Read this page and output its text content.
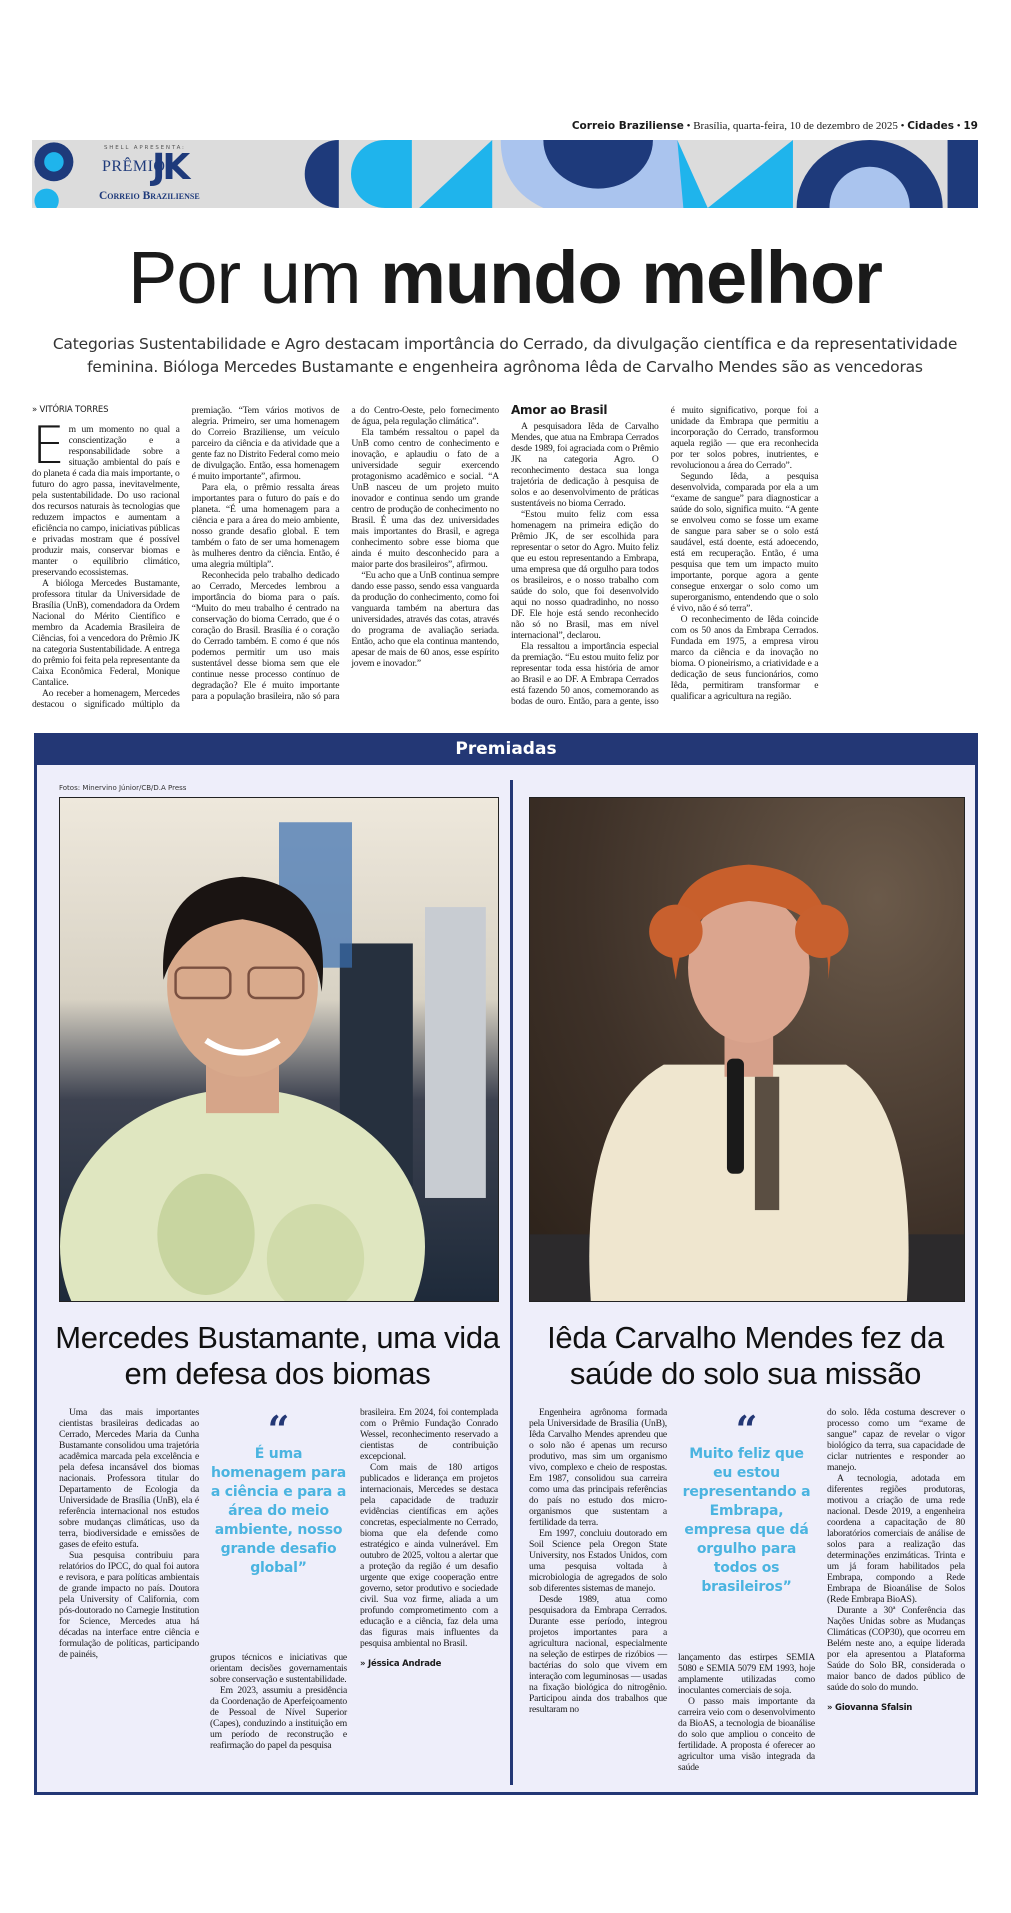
Correio Braziliense • Brasília, quarta-feira, 10 de dezembro de 2025 • Cidades • 19
SHELL APRESENTA:
PRÊMIO
JK
Correio Braziliense
Por um mundo melhor
Categorias Sustentabilidade e Agro destacam importância do Cerrado, da divulgação científica e da representatividade feminina. Bióloga Mercedes Bustamante e engenheira agrônoma Iêda de Carvalho Mendes são as vencedoras

» VITÓRIA TORRES

Em um momento no qual a conscientização e a responsabilidade sobre a situação ambiental do país e do planeta é cada dia mais importante, o futuro do agro passa, inevitavelmente, pela sustentabilidade. Do uso racional dos recursos naturais às tecnologias que reduzem impactos e aumentam a eficiência no campo, iniciativas públicas e privadas mostram que é possível produzir mais, conservar biomas e manter o equilíbrio climático, preservando ecossistemas.

A bióloga Mercedes Bustamante, professora titular da Universidade de Brasília (UnB), comendadora da Ordem Nacional do Mérito Científico e membro da Academia Brasileira de Ciências, foi a vencedora do Prêmio JK na categoria Sustentabilidade. A entrega do prêmio foi feita pela representante da Caixa Econômica Federal, Monique Cantalice.

Ao receber a homenagem, Mercedes destacou o significado múltiplo da premiação. “Tem vários motivos de alegria. Primeiro, ser uma homenagem do Correio Braziliense, um veículo parceiro da ciência e da atividade que a gente faz no Distrito Federal como meio de divulgação. Então, essa homenagem é muito importante”, afirmou.

Para ela, o prêmio ressalta áreas importantes para o futuro do país e do planeta. “É uma homenagem para a ciência e para a área do meio ambiente, nosso grande desafio global. E tem também o fato de ser uma homenagem às mulheres dentro da ciência. Então, é uma alegria múltipla”.

Reconhecida pelo trabalho dedicado ao Cerrado, Mercedes lembrou a importância do bioma para o país. “Muito do meu trabalho é centrado na conservação do bioma Cerrado, que é o coração do Brasil. Brasília é o coração do Cerrado também. E como é que nós podemos permitir um uso mais sustentável desse bioma sem que ele continue nesse processo contínuo de degradação? Ele é muito importante para a população brasileira, não só para a do Centro-Oeste, pelo fornecimento de água, pela regulação climática”.

Ela também ressaltou o papel da UnB como centro de conhecimento e inovação, e aplaudiu o fato de a universidade seguir exercendo protagonismo acadêmico e social. “A UnB nasceu de um projeto muito inovador e continua sendo um grande centro de produção de conhecimento no Brasil. É uma das dez universidades mais importantes do Brasil, e agrega conhecimento sobre esse bioma que ainda é muito desconhecido para a maior parte dos brasileiros”, afirmou.

“Eu acho que a UnB continua sempre dando esse passo, sendo essa vanguarda da produção do conhecimento, como foi vanguarda também na abertura das universidades, através das cotas, através do programa de avaliação seriada. Então, acho que ela continua mantendo, apesar de mais de 60 anos, esse espírito jovem e inovador.”

Amor ao Brasil

A pesquisadora Iêda de Carvalho Mendes, que atua na Embrapa Cerrados desde 1989, foi agraciada com o Prêmio JK na categoria Agro. O reconhecimento destaca sua longa trajetória de dedicação à pesquisa de solos e ao desenvolvimento de práticas sustentáveis no bioma Cerrado.

“Estou muito feliz com essa homenagem na primeira edição do Prêmio JK, de ser escolhida para representar o setor do Agro. Muito feliz que eu estou representando a Embrapa, uma empresa que dá orgulho para todos os brasileiros, e o nosso trabalho com saúde do solo, que foi desenvolvido aqui no nosso quadradinho, no nosso DF. Ele hoje está sendo reconhecido não só no Brasil, mas em nível internacional”, declarou.

Ela ressaltou a importância especial da premiação. “Eu estou muito feliz por representar toda essa história de amor ao Brasil e ao DF. A Embrapa Cerrados está fazendo 50 anos, comemorando as bodas de ouro. Então, para a gente, isso é muito significativo, porque foi a unidade da Embrapa que permitiu a incorporação do Cerrado, transformou aquela região — que era reconhecida por ter solos pobres, inutrientes, e revolucionou a área do Cerrado”.

Segundo Iêda, a pesquisa desenvolvida, comparada por ela a um “exame de sangue” para diagnosticar a saúde do solo, significa muito. “A gente se envolveu como se fosse um exame de sangue para saber se o solo está saudável, está doente, está adoecendo, está em recuperação. Então, é uma pesquisa que tem um impacto muito importante, porque agora a gente consegue enxergar o solo como um superorganismo, entendendo que o solo é vivo, não é só terra”.

O reconhecimento de Iêda coincide com os 50 anos da Embrapa Cerrados. Fundada em 1975, a empresa virou marco da ciência e da inovação no bioma. O pioneirismo, a criatividade e a dedicação de seus funcionários, como Iêda, permitiram transformar e qualificar a agricultura na região.

Premiadas
Fotos: Minervino Júnior/CB/D.A Press
Mercedes Bustamante, uma vida em defesa dos biomas
Iêda Carvalho Mendes fez da saúde do solo sua missão

Uma das mais importantes cientistas brasileiras dedicadas ao Cerrado, Mercedes Maria da Cunha Bustamante consolidou uma trajetória acadêmica marcada pela excelência e pela defesa incansável dos biomas nacionais. Professora titular do Departamento de Ecologia da Universidade de Brasília (UnB), ela é referência internacional nos estudos sobre mudanças climáticas, uso da terra, biodiversidade e emissões de gases de efeito estufa.

Sua pesquisa contribuiu para relatórios do IPCC, do qual foi autora e revisora, e para políticas ambientais de grande impacto no país. Doutora pela University of California, com pós-doutorado no Carnegie Institution for Science, Mercedes atua há décadas na interface entre ciência e formulação de políticas, participando de painéis,

“
É uma homenagem para a ciência e para a área do meio ambiente, nosso grande desafio global”

grupos técnicos e iniciativas que orientam decisões governamentais sobre conservação e sustentabilidade.

Em 2023, assumiu a presidência da Coordenação de Aperfeiçoamento de Pessoal de Nível Superior (Capes), conduzindo a instituição em um período de reconstrução e reafirmação do papel da pesquisa

brasileira. Em 2024, foi contemplada com o Prêmio Fundação Conrado Wessel, reconhecimento reservado a cientistas de contribuição excepcional.

Com mais de 180 artigos publicados e liderança em projetos internacionais, Mercedes se destaca pela capacidade de traduzir evidências científicas em ações concretas, especialmente no Cerrado, bioma que ela defende como estratégico e ainda vulnerável. Em outubro de 2025, voltou a alertar que a proteção da região é um desafio urgente que exige cooperação entre governo, setor produtivo e sociedade civil. Sua voz firme, aliada a um profundo comprometimento com a educação e a ciência, faz dela uma das figuras mais influentes da pesquisa ambiental no Brasil.

» Jéssica Andrade

Engenheira agrônoma formada pela Universidade de Brasília (UnB), Iêda Carvalho Mendes aprendeu que o solo não é apenas um recurso produtivo, mas sim um organismo vivo, complexo e cheio de respostas. Em 1987, consolidou sua carreira como uma das principais referências do país no estudo dos micro-organismos que sustentam a fertilidade da terra.

Em 1997, concluiu doutorado em Soil Science pela Oregon State University, nos Estados Unidos, com uma pesquisa voltada à microbiologia de agregados de solo sob diferentes sistemas de manejo.

Desde 1989, atua como pesquisadora da Embrapa Cerrados. Durante esse período, integrou projetos importantes para a agricultura nacional, especialmente na seleção de estirpes de rizóbios — bactérias do solo que vivem em interação com leguminosas — usadas na fixação biológica do nitrogênio. Participou ainda dos trabalhos que resultaram no

“
Muito feliz que eu estou representando a Embrapa, empresa que dá orgulho para todos os brasileiros”

lançamento das estirpes SEMIA 5080 e SEMIA 5079 EM 1993, hoje amplamente utilizadas como inoculantes comerciais de soja.

O passo mais importante da carreira veio com o desenvolvimento da BioAS, a tecnologia de bioanálise do solo que ampliou o conceito de fertilidade. A proposta é oferecer ao agricultor uma visão integrada da saúde

do solo. Iêda costuma descrever o processo como um “exame de sangue” capaz de revelar o vigor biológico da terra, sua capacidade de ciclar nutrientes e responder ao manejo.

A tecnologia, adotada em diferentes regiões produtoras, motivou a criação de uma rede nacional. Desde 2019, a engenheira coordena a capacitação de 80 laboratórios comerciais de análise de solos para a realização das determinações enzimáticas. Trinta e um já foram habilitados pela Embrapa, compondo a Rede Embrapa de Bioanálise de Solos (Rede Embrapa BioAS).

Durante a 30ª Conferência das Nações Unidas sobre as Mudanças Climáticas (COP30), que ocorreu em Belém neste ano, a equipe liderada por ela apresentou a Plataforma Saúde do Solo BR, considerada o maior banco de dados público de saúde do solo do mundo.

» Giovanna Sfalsin
